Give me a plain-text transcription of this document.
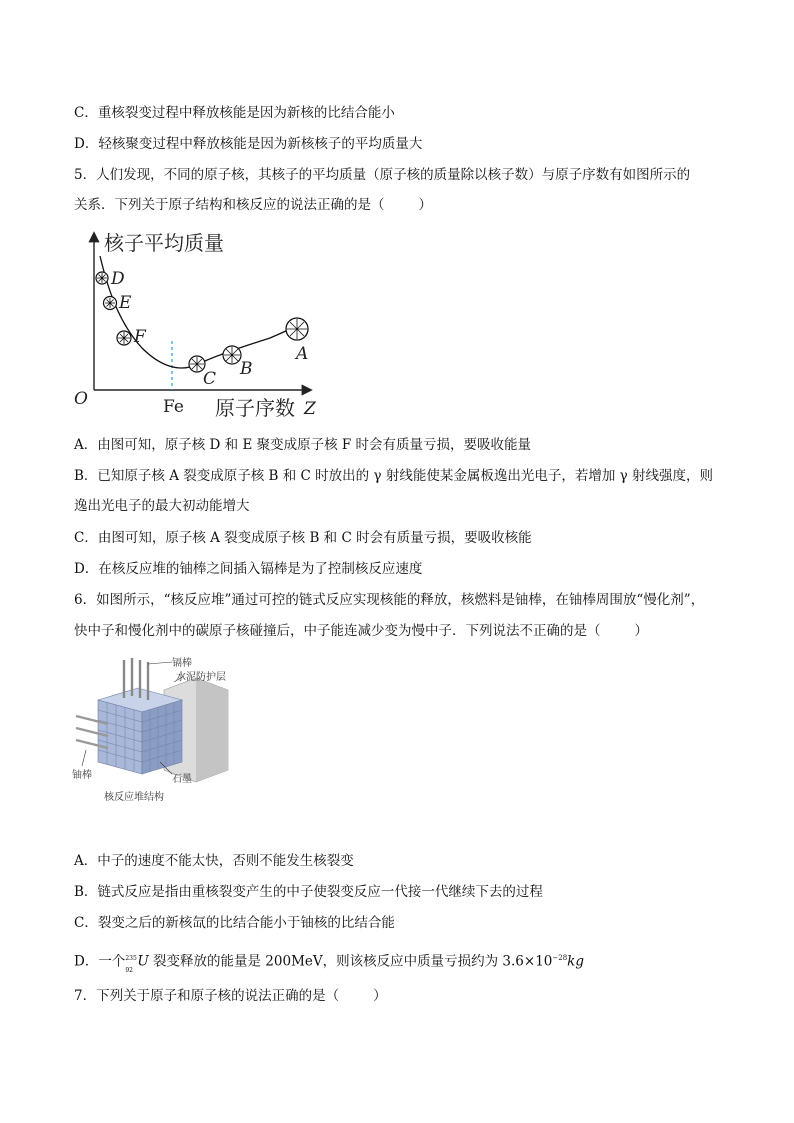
C．重核裂变过程中释放核能是因为新核的比结合能小
D．轻核聚变过程中释放核能是因为新核核子的平均质量大
5．人们发现，不同的原子核，其核子的平均质量（原子核的质量除以核子数）与原子序数有如图所示的
关系．下列关于原子结构和核反应的说法正确的是（	）
核子平均质量
O	Fe 原子序数 Z
D
E
F
C B
A
A．由图可知，原子核 D 和 E 聚变成原子核 F 时会有质量亏损，要吸收能量
B．已知原子核 A 裂变成原子核 B 和 C 时放出的 γ 射线能使某金属板逸出光电子，若增加 γ 射线强度，则
逸出光电子的最大初动能增大
C．由图可知，原子核 A 裂变成原子核 B 和 C 时会有质量亏损，要吸收核能
D．在核反应堆的铀棒之间插入镉棒是为了控制核反应速度
6．如图所示，“核反应堆”通过可控的链式反应实现核能的释放，核燃料是铀棒，在铀棒周围放“慢化剂”，
快中子和慢化剂中的碳原子核碰撞后，中子能连减少变为慢中子．下列说法不正确的是（	）
镉棒
水泥防护层
铀棒	石墨
核反应堆结构
A．中子的速度不能太快，否则不能发生核裂变
B．链式反应是指由重核裂变产生的中子使裂变反应一代接一代继续下去的过程
C．裂变之后的新核氙的比结合能小于铀核的比结合能
D．一个 235
92
U 裂变释放的能量是 200MeV，则该核反应中质量亏损约为 $3.6\times 10^{-28}kg$
7．下列关于原子和原子核的说法正确的是（	）
